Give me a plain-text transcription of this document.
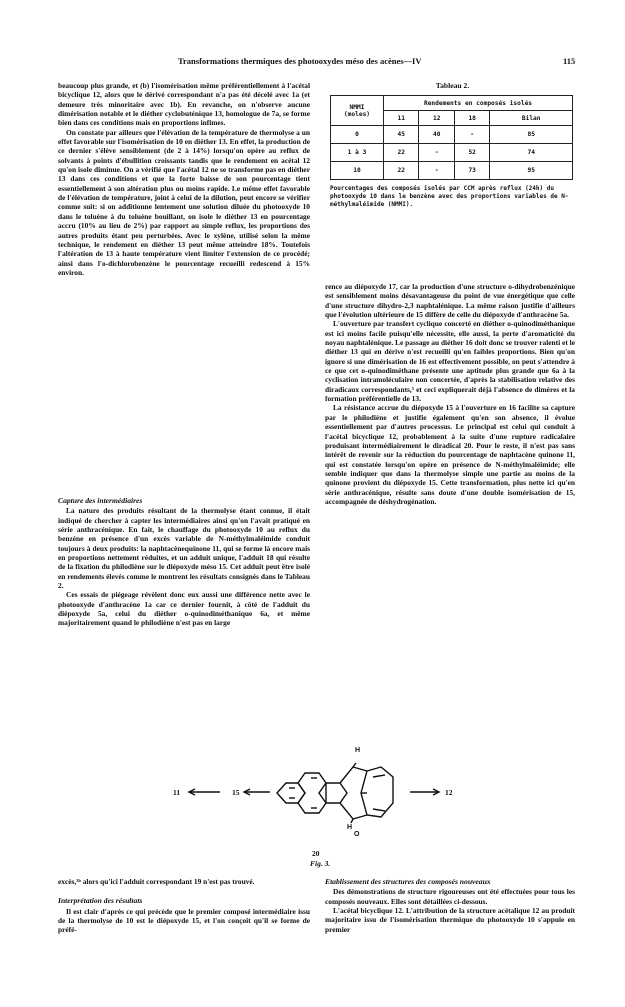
Transformations thermiques des photooxydes méso des acènes—IV	115

beaucoup plus grande, et (b) l'isomérisation même préférentiellement à l'acétal bicyclique 12, alors que le dérivé correspondant n'a pas été décelé avec 1a (et demeure très minoritaire avec 1b). En revanche, on n'observe aucune dimérisation notable et le diéther cyclobuténique 13, homologue de 7a, se forme bien dans ces conditions mais en proportions infimes.

On constate par ailleurs que l'élévation de la température de thermolyse a un effet favorable sur l'isomérisation de 10 en diéther 13. En effet, la production de ce dernier s'élève sensiblement (de 2 à 14%) lorsqu'on opère au reflux de solvants à points d'ébullition croissants tandis que le rendement en acétal 12 qu'on isole diminue. On a vérifié que l'acétal 12 ne se transforme pas en diéther 13 dans ces conditions et que la forte baisse de son pourcentage tient essentiellement à son altération plus ou moins rapide. Le même effet favorable de l'élévation de température, joint à celui de la dilution, peut encore se vérifier comme suit: si on additionne lentement une solution diluée du photooxyde 10 dans le toluène à du toluène bouillant, on isole le diéther 13 en pourcentage accru (10% au lieu de 2%) par rapport au simple reflux, les proportions des autres produits étant peu perturbées. Avec le xylène, utilisé selon la même technique, le rendement en diéther 13 peut même atteindre 18%. Toutefois l'altération de 13 à haute température vient limiter l'extension de ce procédé; ainsi dans l'o-dichlorobenzène le pourcentage recueilli redescend à 15% environ.

Capture des intermédiaires

La nature des produits résultant de la thermolyse étant connue, il était indiqué de chercher à capter les intermédiaires ainsi qu'on l'avait pratiqué en série anthracénique. En fait, le chauffage du photooxyde 10 au reflux du benzène en présence d'un excès variable de N-méthylmaléimide conduit toujours à deux produits: la naphtacènequinone 11, qui se forme là encore mais en proportions nettement réduites, et un adduit unique, l'adduit 18 qui résulte de la fixation du philodiène sur le diépoxyde méso 15. Cet adduit peut être isolé en rendements élevés comme le montrent les résultats consignés dans le Tableau 2.

Ces essais de piégeage révèlent donc eux aussi une différence nette avec le photooxyde d'anthracène 1a car ce dernier fournit, à côté de l'adduit du diépoxyde 5a, celui du diéther o-quinodiméthanique 6a, et même majoritairement quand le philodiène n'est pas en large

Tableau 2.
NMMI
(moles)	Rendements en composés isolés			
	11	12	18	Bilan
0	45	40	-	85
1 à 3	22	-	52	74
10	22	-	73	95
Pourcentages des composés isolés par CCM après reflux (24h) du photooxyde 10 dans le benzène avec des proportions variables de N-méthylmaléimide (NMMI).

rence au diépoxyde 17, car la production d'une structure o-dihydrobenzénique est sensiblement moins désavantageuse du point de vue énergétique que celle d'une structure dihydro-2,3 naphtalénique. La même raison justifie d'ailleurs que l'évolution ultérieure de 15 diffère de celle du diépoxyde d'anthracène 5a.

L'ouverture par transfert cyclique concerté en diéther o-quinodiméthanique est ici moins facile puisqu'elle nécessite, elle aussi, la perte d'aromaticité du noyau naphtalénique. Le passage au diéther 16 doit donc se trouver ralenti et le diéther 13 qui en dérive n'est recueilli qu'en faibles proportions. Bien qu'on ignore si une dimérisation de 16 est effectivement possible, on peut s'attendre à ce que cet o-quinodiméthane présente une aptitude plus grande que 6a à la cyclisation intramoléculaire non concertée, d'après la stabilisation relative des diradicaux correspondants,⁵ et ceci expliquerait déjà l'absence de dimères et la formation préférentielle de 13.

La résistance accrue du diépoxyde 15 à l'ouverture en 16 facilite sa capture par le philodiène et justifie également qu'en son absence, il évolue essentiellement par d'autres processus. Le principal est celui qui conduit à l'acétal bicyclique 12, probablement à la suite d'une rupture radicalaire produisant intermédiairement le diradical 20. Pour le reste, il n'est pas sans intérêt de revenir sur la réduction du pourcentage de naphtacène quinone 11, qui est constatée lorsqu'on opère en présence de N-méthylmaléimide; elle semble indiquer que dans la thermolyse simple une partie au moins de la quinone provient du diépoxyde 15. Cette transformation, plus nette ici qu'en série anthracénique, résulte sans doute d'une double isomérisation de 15, accompagnée de déshydrogénation.

11	15	12
H
H
O
20
Fig. 3.

excès,³ᵇ alors qu'ici l'adduit correspondant 19 n'est pas trouvé.

Interprétation des résultats

Il est clair d'après ce qui précède que le premier composé intermédiaire issu de la thermolyse de 10 est le diépoxyde 15, et l'on conçoit qu'il se forme de préfé-

Etablissement des structures des composés nouveaux

Des démonstrations de structure rigoureuses ont été effectuées pour tous les composés nouveaux. Elles sont détaillées ci-dessous.

L'acétal bicyclique 12. L'attribution de la structure acétalique 12 au produit majoritaire issu de l'isomérisation thermique du photooxyde 10 s'appuie en premier
